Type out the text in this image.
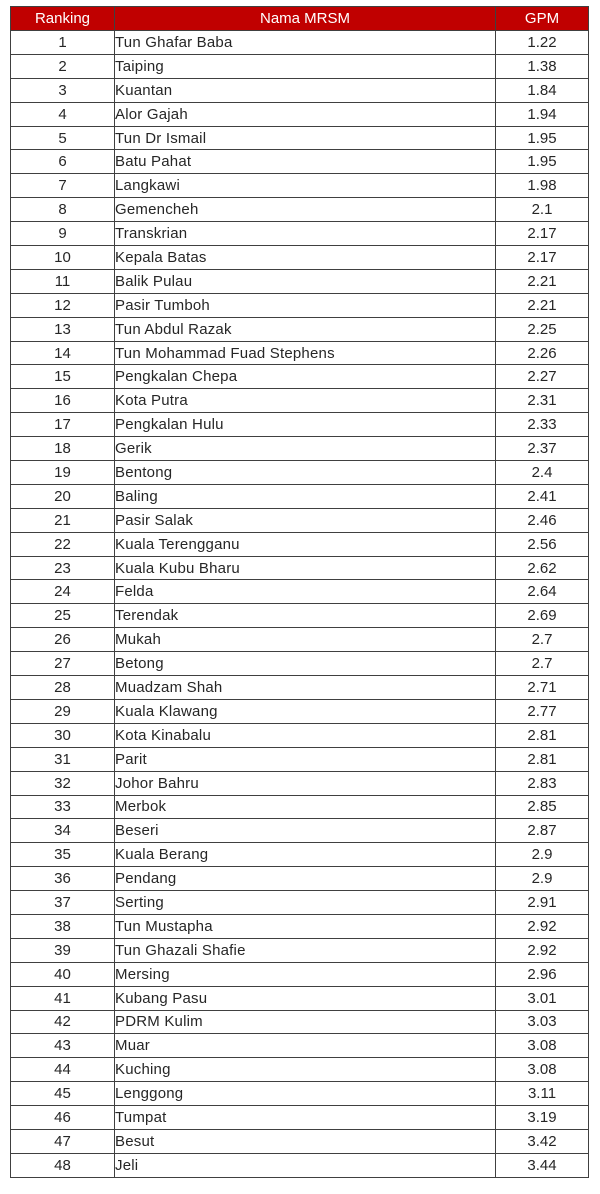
Ranking	Nama MRSM	GPM
1	Tun Ghafar Baba	1.22
2	Taiping	1.38
3	Kuantan	1.84
4	Alor Gajah	1.94
5	Tun Dr Ismail	1.95
6	Batu Pahat	1.95
7	Langkawi	1.98
8	Gemencheh	2.1
9	Transkrian	2.17
10	Kepala Batas	2.17
11	Balik Pulau	2.21
12	Pasir Tumboh	2.21
13	Tun Abdul Razak	2.25
14	Tun Mohammad Fuad Stephens	2.26
15	Pengkalan Chepa	2.27
16	Kota Putra	2.31
17	Pengkalan Hulu	2.33
18	Gerik	2.37
19	Bentong	2.4
20	Baling	2.41
21	Pasir Salak	2.46
22	Kuala Terengganu	2.56
23	Kuala Kubu Bharu	2.62
24	Felda	2.64
25	Terendak	2.69
26	Mukah	2.7
27	Betong	2.7
28	Muadzam Shah	2.71
29	Kuala Klawang	2.77
30	Kota Kinabalu	2.81
31	Parit	2.81
32	Johor Bahru	2.83
33	Merbok	2.85
34	Beseri	2.87
35	Kuala Berang	2.9
36	Pendang	2.9
37	Serting	2.91
38	Tun Mustapha	2.92
39	Tun Ghazali Shafie	2.92
40	Mersing	2.96
41	Kubang Pasu	3.01
42	PDRM Kulim	3.03
43	Muar	3.08
44	Kuching	3.08
45	Lenggong	3.11
46	Tumpat	3.19
47	Besut	3.42
48	Jeli	3.44
